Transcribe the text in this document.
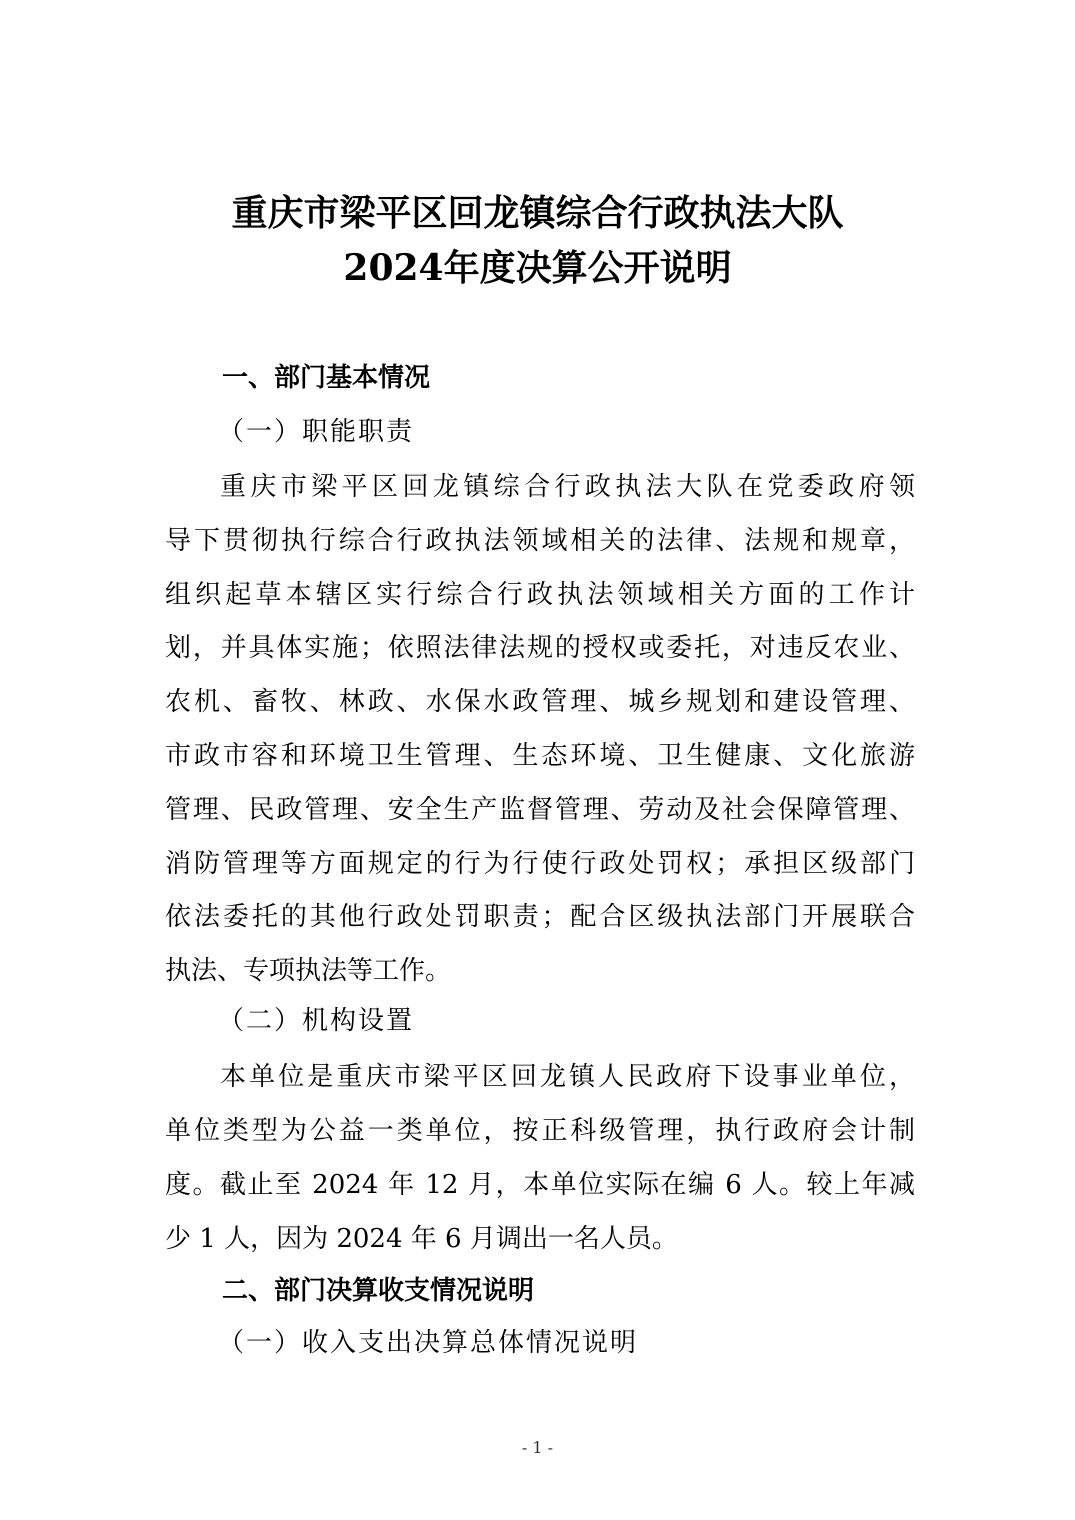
重庆市梁平区回龙镇综合行政执法大队
2024年度决算公开说明
一、部门基本情况
（一）职能职责
重庆市梁平区回龙镇综合行政执法大队在党委政府领
导下贯彻执行综合行政执法领域相关的法律、法规和规章，
组织起草本辖区实行综合行政执法领域相关方面的工作计
划，并具体实施；依照法律法规的授权或委托，对违反农业、
农机、畜牧、林政、水保水政管理、城乡规划和建设管理、
市政市容和环境卫生管理、生态环境、卫生健康、文化旅游
管理、民政管理、安全生产监督管理、劳动及社会保障管理、
消防管理等方面规定的行为行使行政处罚权；承担区级部门
依法委托的其他行政处罚职责；配合区级执法部门开展联合
执法、专项执法等工作。
（二）机构设置
本单位是重庆市梁平区回龙镇人民政府下设事业单位，
单位类型为公益一类单位，按正科级管理，执行政府会计制
度。截止至 2024 年 12 月，本单位实际在编 6 人。较上年减
少 1 人，因为 2024 年 6 月调出一名人员。
二、部门决算收支情况说明
（一）收入支出决算总体情况说明
- 1 -
